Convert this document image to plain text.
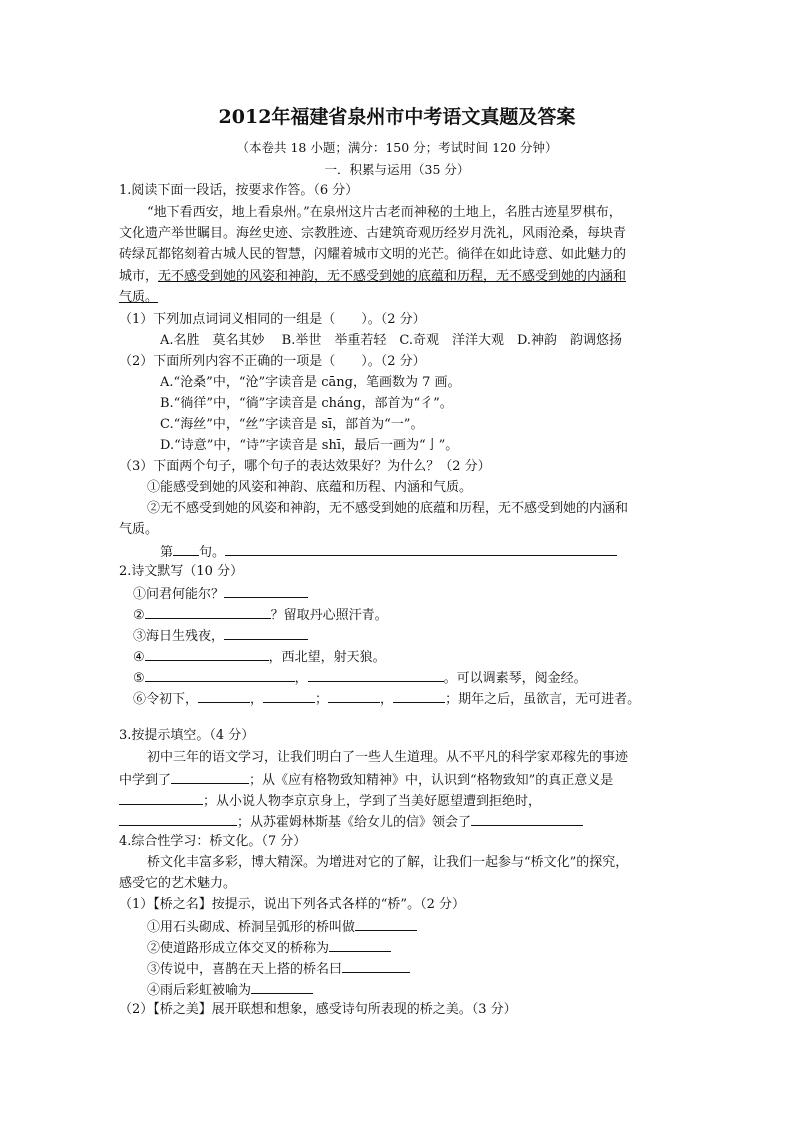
2012年福建省泉州市中考语文真题及答案
（本卷共 18 小题；满分：150 分；考试时间 120 分钟）
一．积累与运用（35 分）
1.阅读下面一段话，按要求作答。（6 分）
“地下看西安，地上看泉州。”在泉州这片古老而神秘的土地上，名胜古迹星罗棋布，
文化遗产举世瞩目。海丝史迹、宗教胜迹、古建筑奇观历经岁月洗礼，风雨沧桑，每块青
砖绿瓦都铭刻着古城人民的智慧，闪耀着城市文明的光芒。徜徉在如此诗意、如此魅力的
城市，无不感受到她的风姿和神韵，无不感受到她的底蕴和历程，无不感受到她的内涵和
气质。
（1）下列加点词词义相同的一组是（　　）。（2 分）
A.名胜　莫名其妙　 B.举世　举重若轻　C.奇观　洋洋大观　D.神韵　韵调悠扬
（2）下面所列内容不正确的一项是（　　）。（2 分）
A.“沧桑”中，“沧”字读音是 cāng，笔画数为 7 画。
B.“徜徉”中，“徜”字读音是 cháng，部首为“彳”。
C.“海丝”中，“丝”字读音是 sī，部首为“一”。
D.“诗意”中，“诗”字读音是 shī，最后一画为“亅”。
（3）下面两个句子，哪个句子的表达效果好？为什么？（2 分）
①能感受到她的风姿和神韵、底蕴和历程、内涵和气质。
②无不感受到她的风姿和神韵，无不感受到她的底蕴和历程，无不感受到她的内涵和
气质。
第 句。
2.诗文默写（10 分）
①问君何能尔？
②	？留取丹心照汗青。
③海日生残夜，
④	，西北望，射天狼。
⑤	，	。可以调素琴，阅金经。
⑥令初下，	，	；	，	；期年之后，虽欲言，无可进者。
3.按提示填空。（4 分）
初中三年的语文学习，让我们明白了一些人生道理。从不平凡的科学家邓稼先的事迹
中学到了	；从《应有格物致知精神》中，认识到“格物致知”的真正意义是
；从小说人物李京京身上，学到了当美好愿望遭到拒绝时，
；从苏霍姆林斯基《给女儿的信》领会了
4.综合性学习：桥文化。（7 分）
桥文化丰富多彩，博大精深。为增进对它的了解，让我们一起参与“桥文化”的探究，
感受它的艺术魅力。
（1）【桥之名】按提示，说出下列各式各样的“桥”。（2 分）
①用石头砌成、桥洞呈弧形的桥叫做
②使道路形成立体交叉的桥称为
③传说中，喜鹊在天上搭的桥名曰
④雨后彩虹被喻为
（2）【桥之美】展开联想和想象，感受诗句所表现的桥之美。（3 分）
